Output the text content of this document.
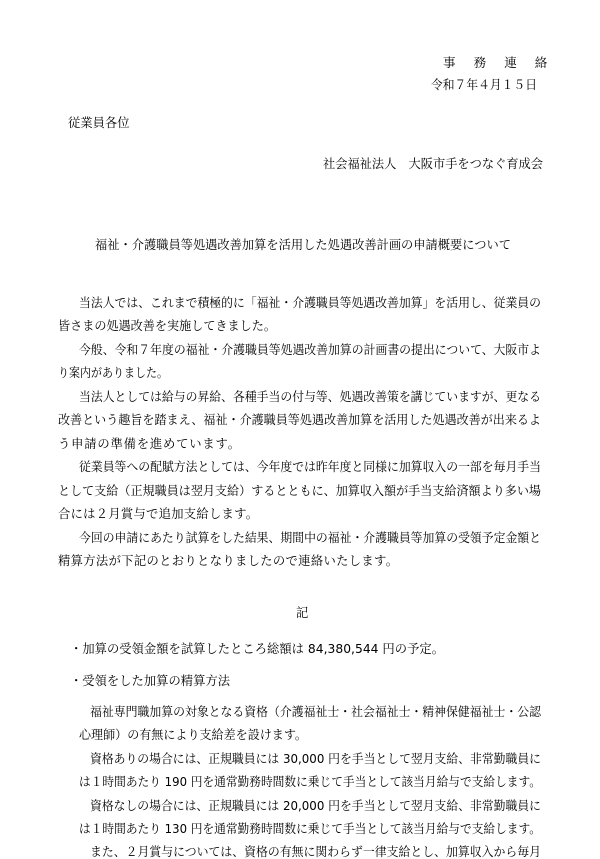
事 務 連 絡
令和７年４月１５日
従業員各位
社会福祉法人　大阪市手をつなぐ育成会
福祉・介護職員等処遇改善加算を活用した処遇改善計画の申請概要について
当法人では、これまで積極的に「福祉・介護職員等処遇改善加算」を活用し、従業員の
皆さまの処遇改善を実施してきました。
今般、令和７年度の福祉・介護職員等処遇改善加算の計画書の提出について、大阪市よ
り案内がありました。
当法人としては給与の昇給、各種手当の付与等、処遇改善策を講じていますが、更なる
改善という趣旨を踏まえ、福祉・介護職員等処遇改善加算を活用した処遇改善が出来るよ
う申請の準備を進めています。
従業員等への配賦方法としては、今年度では昨年度と同様に加算収入の一部を毎月手当
として支給（正規職員は翌月支給）するとともに、加算収入額が手当支給済額より多い場
合には２月賞与で追加支給します。
今回の申請にあたり試算をした結果、期間中の福祉・介護職員等加算の受領予定金額と
精算方法が下記のとおりとなりましたので連絡いたします。
記
・加算の受領金額を試算したところ総額は 84,380,544 円の予定。
・受領をした加算の精算方法
福祉専門職加算の対象となる資格（介護福祉士・社会福祉士・精神保健福祉士・公認
心理師）の有無により支給差を設けます。
資格ありの場合には、正規職員には 30,000 円を手当として翌月支給、非常勤職員に
は１時間あたり 190 円を通常勤務時間数に乗じて手当として該当月給与で支給します。
資格なしの場合には、正規職員には 20,000 円を手当として翌月支給、非常勤職員に
は１時間あたり 130 円を通常勤務時間数に乗じて手当として該当月給与で支給します。
また、２月賞与については、資格の有無に関わらず一律支給とし、加算収入から毎月
